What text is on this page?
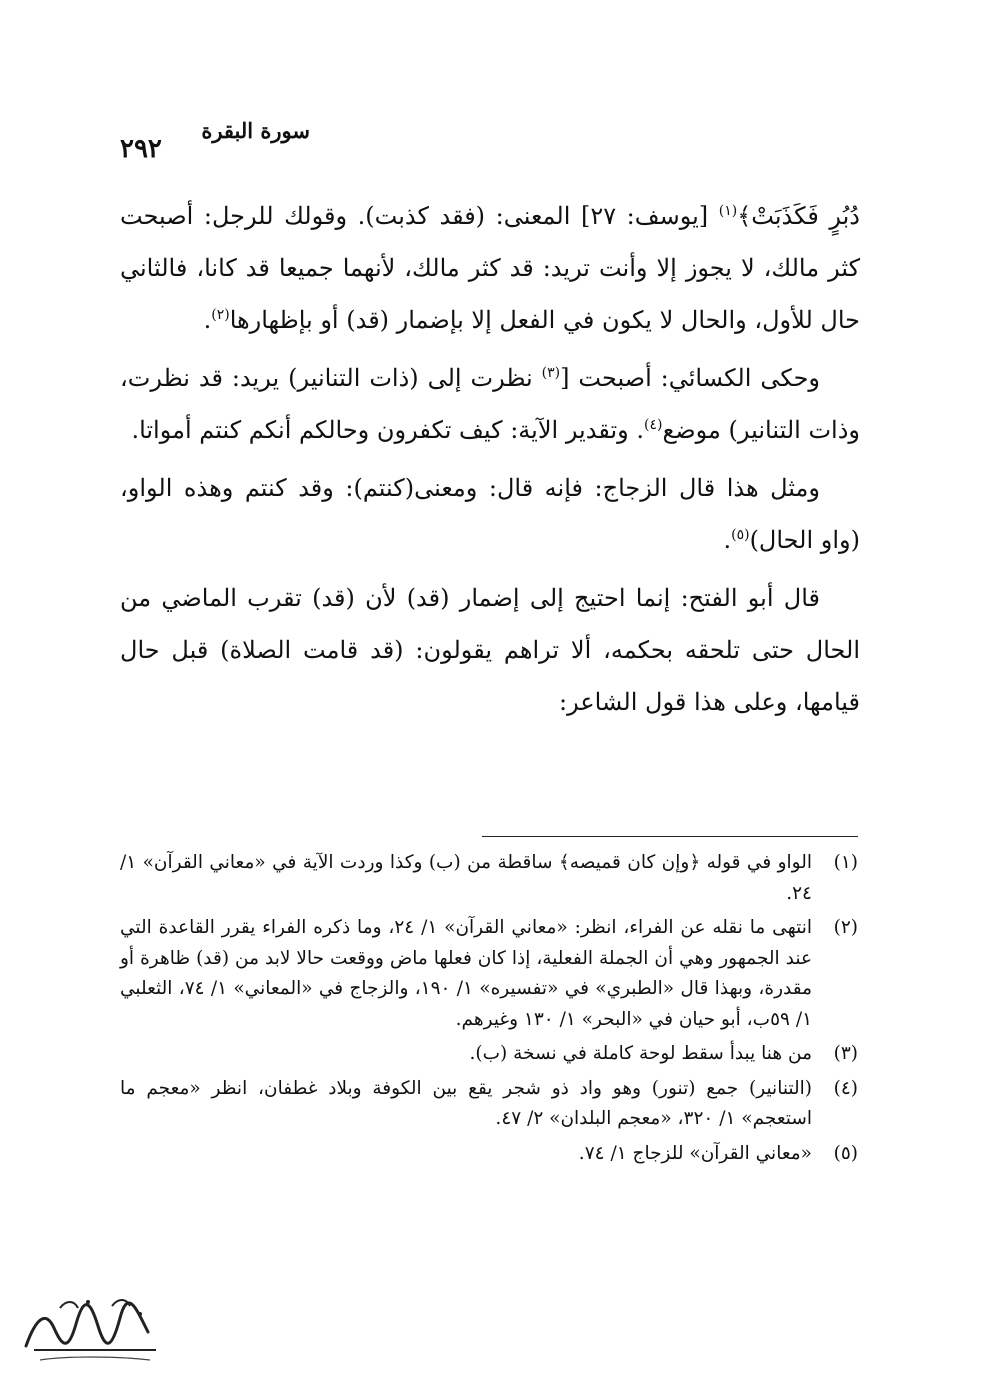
سورة البقرة
٢٩٢

دُبُرٍ فَكَذَبَتْ﴾$^{(١)}$ [يوسف: ٢٧] المعنى: (فقد كذبت). وقولك للرجل: أصبحت كثر مالك، لا يجوز إلا وأنت تريد: قد كثر مالك، لأنهما جميعا قد كانا، فالثاني حال للأول، والحال لا يكون في الفعل إلا بإضمار (قد) أو بإظهارها$^{(٢)}$.

وحكى الكسائي: أصبحت [$^{(٣)}$ نظرت إلى (ذات التنانير) يريد: قد نظرت، وذات التنانير) موضع$^{(٤)}$. وتقدير الآية: كيف تكفرون وحالكم أنكم كنتم أمواتا.

ومثل هذا قال الزجاج: فإنه قال: ومعنى(كنتم): وقد كنتم وهذه الواو، (واو الحال)$^{(٥)}$.

قال أبو الفتح: إنما احتيج إلى إضمار (قد) لأن (قد) تقرب الماضي من الحال حتى تلحقه بحكمه، ألا تراهم يقولون: (قد قامت الصلاة) قبل حال قيامها، وعلى هذا قول الشاعر:

(١)
الواو في قوله ﴿وإن كان قميصه﴾ ساقطة من (ب) وكذا وردت الآية في «معاني القرآن» ١/ ٢٤.
(٢)
انتهى ما نقله عن الفراء، انظر: «معاني القرآن» ١/ ٢٤، وما ذكره الفراء يقرر القاعدة التي عند الجمهور وهي أن الجملة الفعلية، إذا كان فعلها ماض ووقعت حالا لابد من (قد) ظاهرة أو مقدرة، وبهذا قال «الطبري» في «تفسيره» ١/ ١٩٠، والزجاج في «المعاني» ١/ ٧٤، الثعلبي ١/ ٥٩ب، أبو حيان في «البحر» ١/ ١٣٠ وغيرهم.
(٣)
من هنا يبدأ سقط لوحة كاملة في نسخة (ب).
(٤)
(التنانير) جمع (تنور) وهو واد ذو شجر يقع بين الكوفة وبلاد غطفان، انظر «معجم ما استعجم» ١/ ٣٢٠، «معجم البلدان» ٢/ ٤٧.
(٥)
«معاني القرآن» للزجاج ١/ ٧٤.
